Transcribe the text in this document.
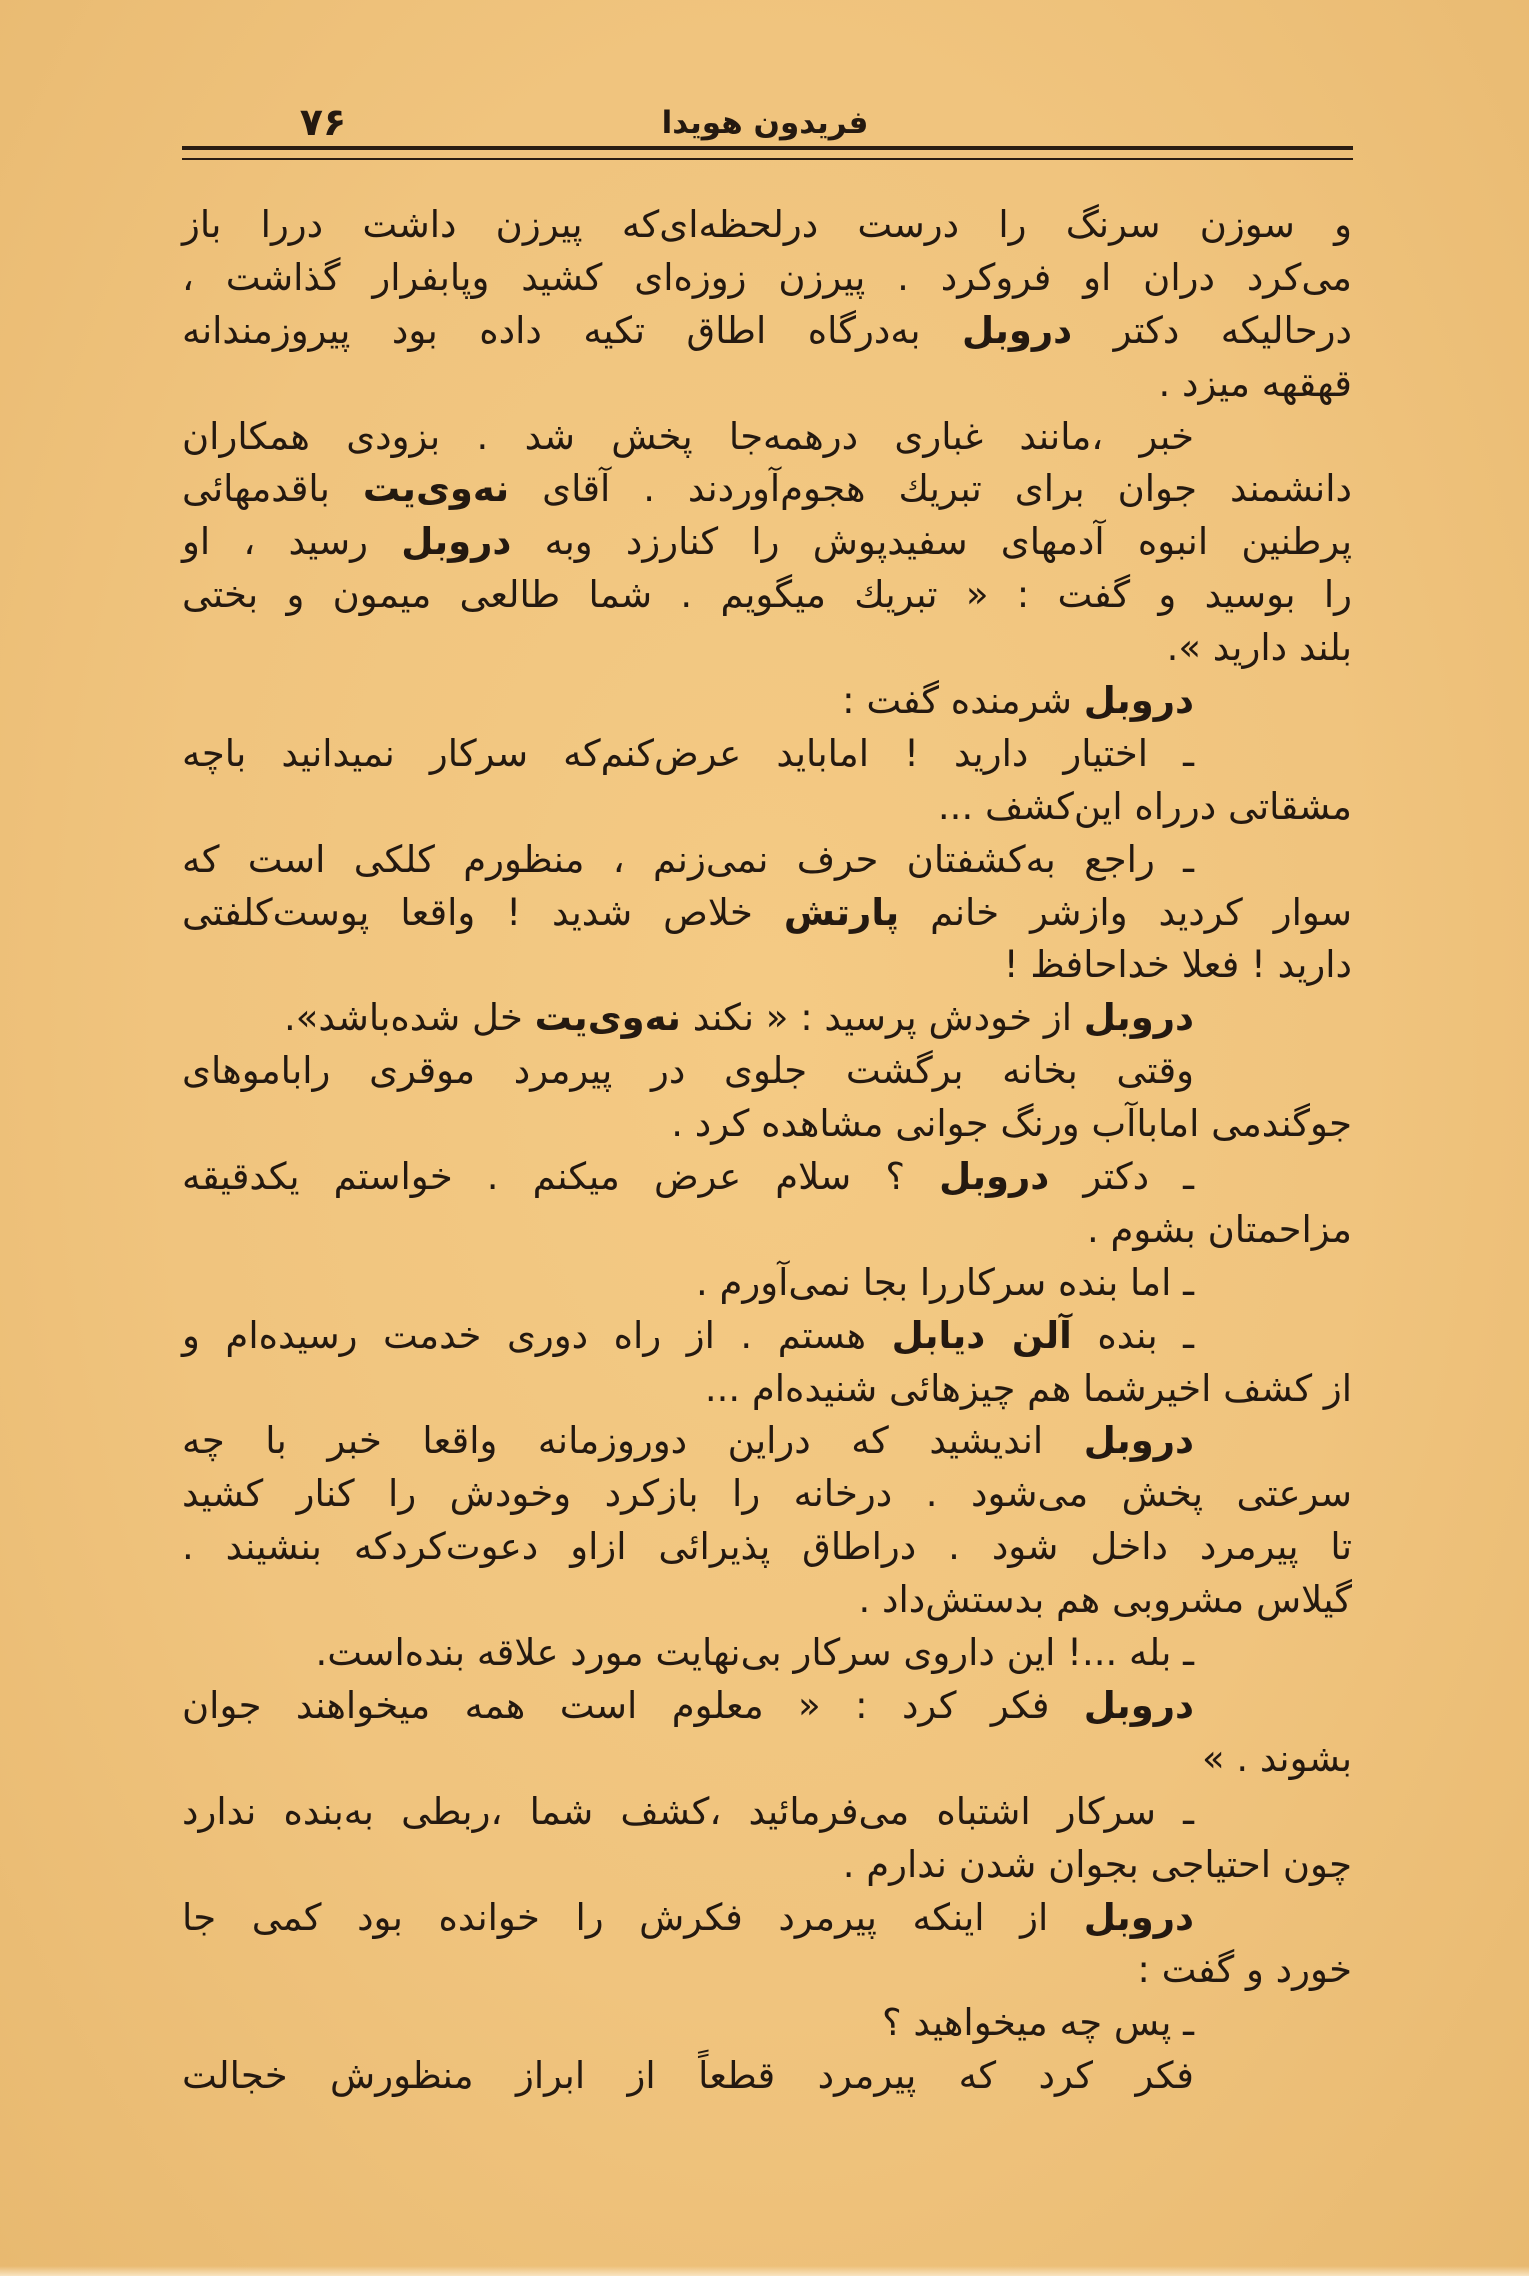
۷۶	فریدون هویدا
و سوزن سرنگ را درست درلحظه‌ای‌که پیرزن داشت دررا باز
می‌کرد دران او فروکرد . پیرزن زوزه‌ای کشید وپابفرار گذاشت ،
درحالیکه دکتر دروبل به‌درگاه اطاق تکیه داده بود پیروزمندانه
قهقهه میزد .
خبر ،مانند غباری درهمه‌جا پخش شد . بزودی همکاران
دانشمند جوان برای تبریك هجوم‌آوردند . آقای نه‌وی‌یت باقدمهائی
پرطنین انبوه آدمهای سفیدپوش را کنارزد وبه دروبل رسید ، او
را بوسید و گفت : « تبریك میگویم . شما طالعی میمون و بختی
بلند دارید ».
دروبل شرمنده گفت :
ـ اختیار دارید ! اماباید عرض‌کنم‌که سرکار نمیدانید باچه
مشقاتی درراه این‌کشف ...
ـ راجع به‌کشفتان حرف نمی‌زنم ، منظورم کلکی است که
سوار کردید وازشر خانم پارتش خلاص شدید ! واقعا پوست‌کلفتی
دارید ! فعلا خداحافظ !
دروبل از خودش پرسید : « نکند نه‌وی‌یت خل شده‌باشد».
وقتی بخانه برگشت جلوی در پیرمرد موقری راباموهای
جوگندمی اماباآب ورنگ جوانی مشاهده کرد .
ـ دکتر دروبل ؟ سلام عرض میکنم . خواستم یکدقیقه
مزاحمتان بشوم .
ـ اما بنده سرکاررا بجا نمی‌آورم .
ـ بنده آلن دیابل هستم . از راه دوری خدمت رسیده‌ام و
از کشف اخیرشما هم چیزهائی شنیده‌ام ...
دروبل اندیشید که دراین دوروزمانه واقعا خبر با چه
سرعتی پخش می‌شود . درخانه را بازکرد وخودش را کنار کشید
تا پیرمرد داخل شود . دراطاق پذیرائی ازاو دعوت‌کردکه بنشیند .
گیلاس مشروبی هم بدستش‌داد .
ـ بله ...! این داروی سرکار بی‌نهایت مورد علاقه بنده‌است.
دروبل فکر کرد : « معلوم است همه میخواهند جوان
بشوند . »
ـ سرکار اشتباه می‌فرمائید ،کشف شما ،ربطی به‌بنده ندارد
چون احتیاجی بجوان شدن ندارم .
دروبل از اینکه پیرمرد فکرش را خوانده بود کمی جا
خورد و گفت :
ـ پس چه میخواهید ؟
فکر کرد که پیرمرد قطعاً از ابراز منظورش خجالت
